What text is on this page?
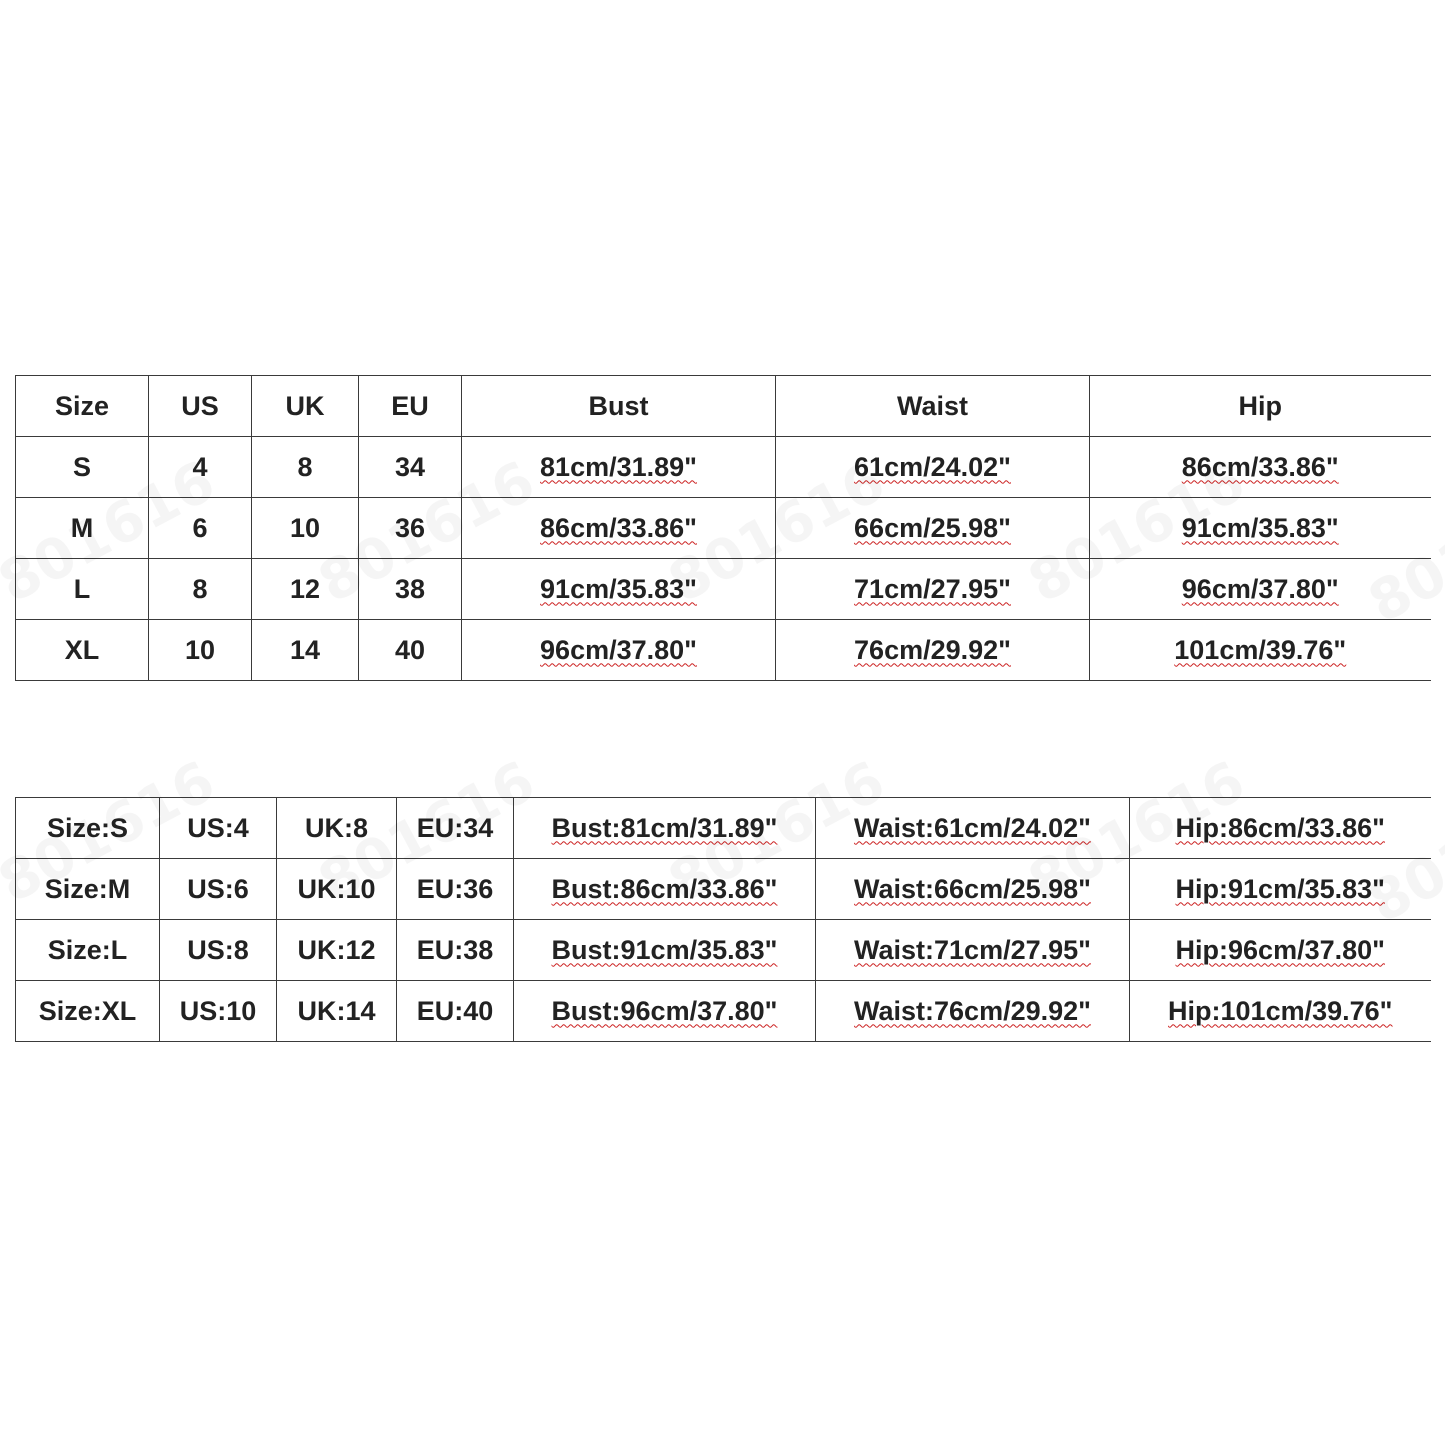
Size	US	UK	EU	Bust	Waist	Hip
S	4	8	34	81cm/31.89"	61cm/24.02"	86cm/33.86"
M	6	10	36	86cm/33.86"	66cm/25.98"	91cm/35.83"
L	8	12	38	91cm/35.83"	71cm/27.95"	96cm/37.80"
XL	10	14	40	96cm/37.80"	76cm/29.92"	101cm/39.76"
Size:S	US:4	UK:8	EU:34	Bust:81cm/31.89"	Waist:61cm/24.02"	Hip:86cm/33.86"
Size:M	US:6	UK:10	EU:36	Bust:86cm/33.86"	Waist:66cm/25.98"	Hip:91cm/35.83"
Size:L	US:8	UK:12	EU:38	Bust:91cm/35.83"	Waist:71cm/27.95"	Hip:96cm/37.80"
Size:XL	US:10	UK:14	EU:40	Bust:96cm/37.80"	Waist:76cm/29.92"	Hip:101cm/39.76"
